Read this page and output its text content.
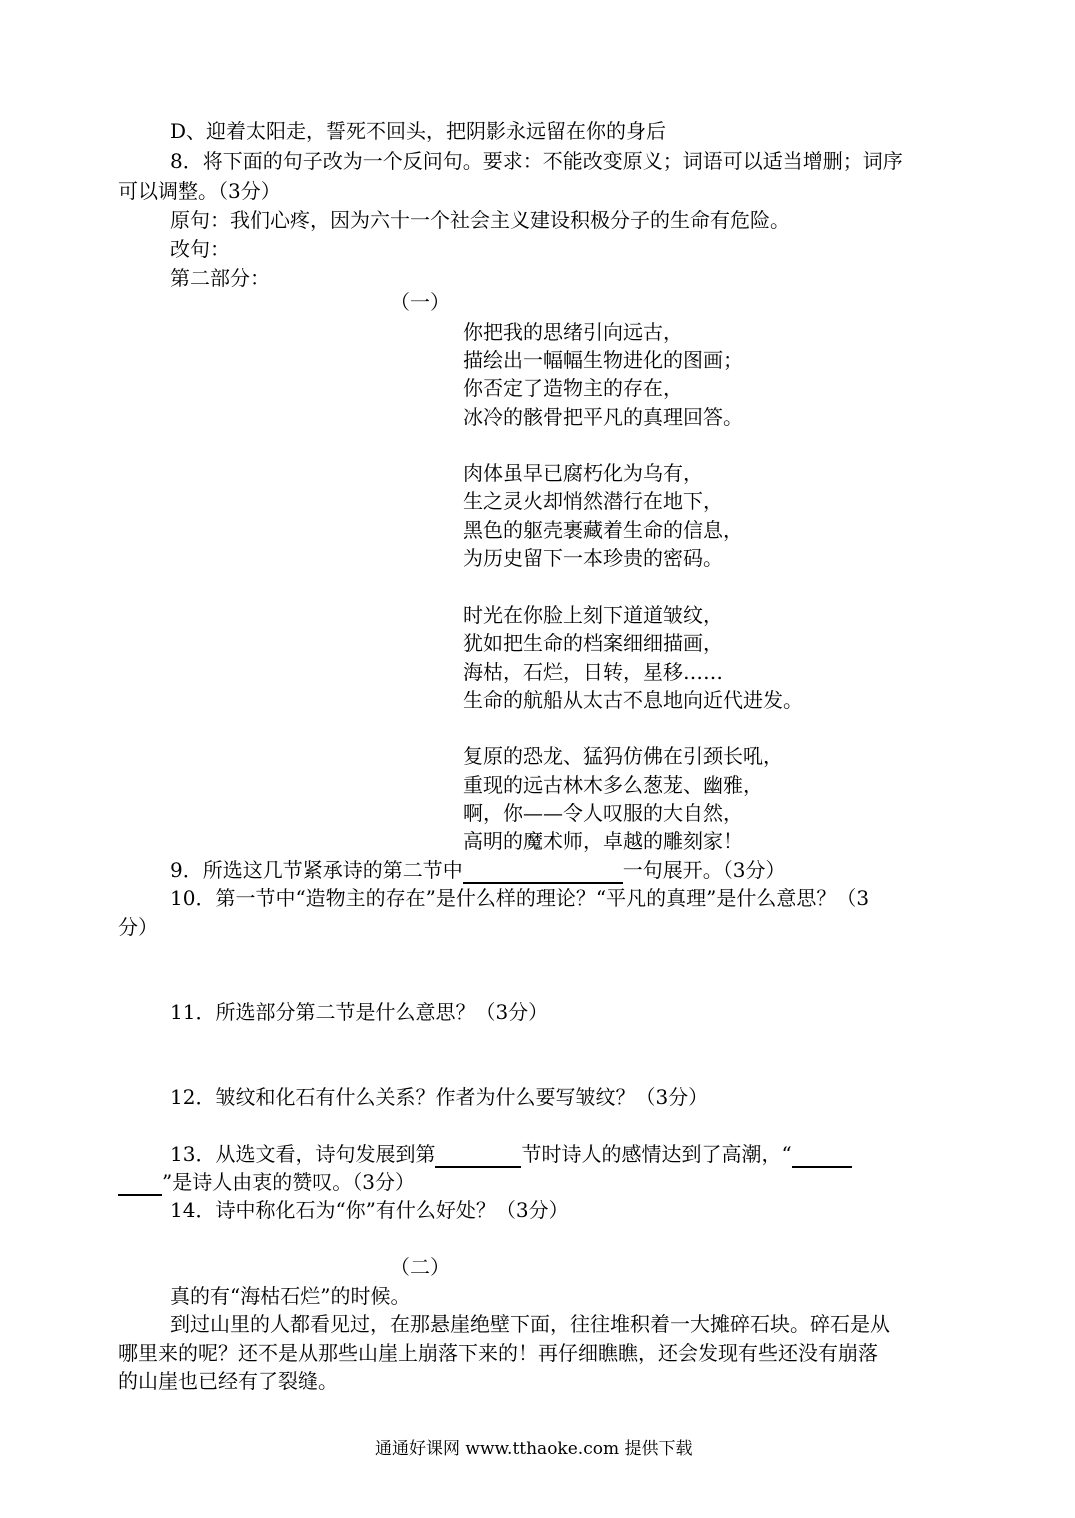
D、迎着太阳走，誓死不回头，把阴影永远留在你的身后
8．将下面的句子改为一个反问句。要求：不能改变原义；词语可以适当增删；词序
可以调整。（3分）
原句：我们心疼，因为六十一个社会主义建设积极分子的生命有危险。
改句：
第二部分：
（一）
你把我的思绪引向远古，
描绘出一幅幅生物进化的图画；
你否定了造物主的存在，
冰冷的骸骨把平凡的真理回答。
肉体虽早已腐朽化为乌有，
生之灵火却悄然潜行在地下，
黑色的躯壳裹藏着生命的信息，
为历史留下一本珍贵的密码。
时光在你脸上刻下道道皱纹，
犹如把生命的档案细细描画，
海枯，石烂，日转，星移……
生命的航船从太古不息地向近代进发。
复原的恐龙、猛犸仿佛在引颈长吼，
重现的远古林木多么葱茏、幽雅，
啊，你——令人叹服的大自然，
高明的魔术师，卓越的雕刻家！
9．所选这几节紧承诗的第二节中	一句展开。（3分）
10．第一节中“造物主的存在”是什么样的理论？“平凡的真理”是什么意思？（3
分）
11．所选部分第二节是什么意思？（3分）
12．皱纹和化石有什么关系？作者为什么要写皱纹？（3分）
13．从选文看，诗句发展到第	节时诗人的感情达到了高潮，“
”是诗人由衷的赞叹。（3分）
14．诗中称化石为“你”有什么好处？（3分）
（二）
真的有“海枯石烂”的时候。
到过山里的人都看见过，在那悬崖绝壁下面，往往堆积着一大摊碎石块。碎石是从
哪里来的呢？还不是从那些山崖上崩落下来的！再仔细瞧瞧，还会发现有些还没有崩落
的山崖也已经有了裂缝。
通通好课网 www.tthaoke.com 提供下载
